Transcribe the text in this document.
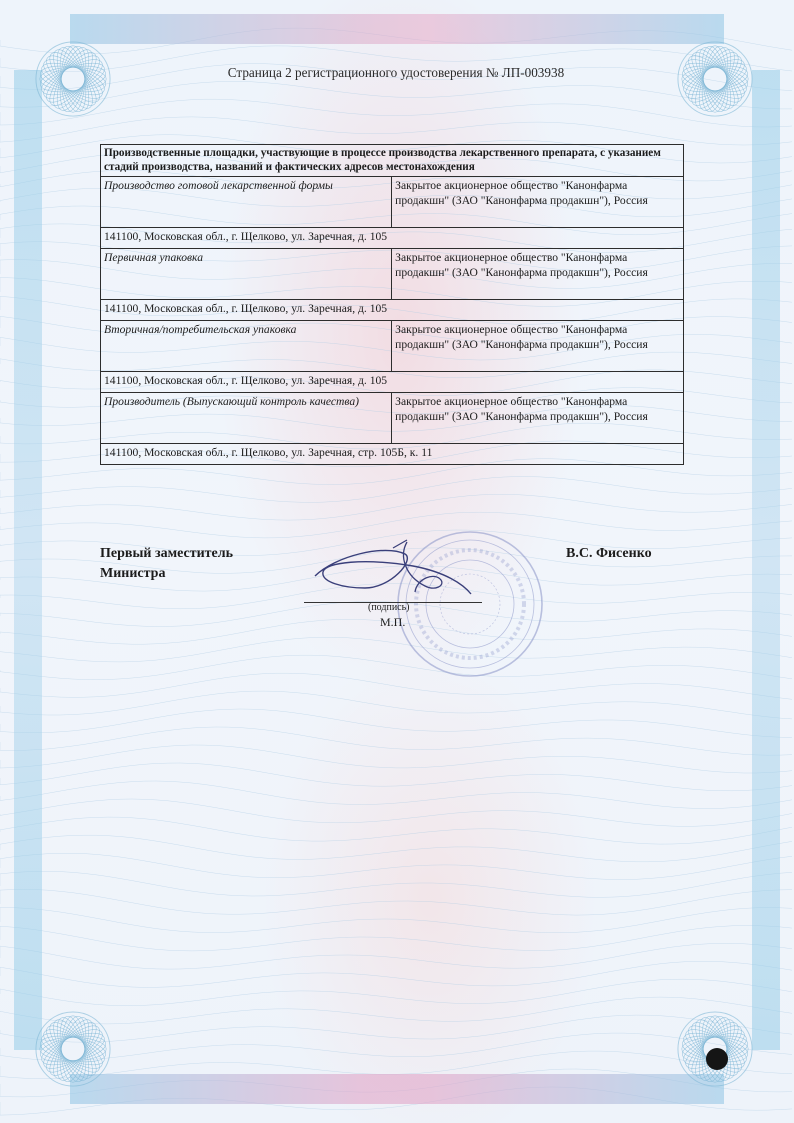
Страница 2 регистрационного удостоверения № ЛП-003938
Производственные площадки, участвующие в процессе производства лекарственного препарата, с указанием стадий производства, названий и фактических адресов местонахождения	
Производство готовой лекарственной формы	Закрытое акционерное общество "Канонфарма продакшн" (ЗАО "Канонфарма продакшн"), Россия
141100, Московская обл., г. Щелково, ул. Заречная, д. 105	
Первичная упаковка	Закрытое акционерное общество "Канонфарма продакшн" (ЗАО "Канонфарма продакшн"), Россия
141100, Московская обл., г. Щелково, ул. Заречная, д. 105	
Вторичная/потребительская упаковка	Закрытое акционерное общество "Канонфарма продакшн" (ЗАО "Канонфарма продакшн"), Россия
141100, Московская обл., г. Щелково, ул. Заречная, д. 105	
Производитель (Выпускающий контроль качества)	Закрытое акционерное общество "Канонфарма продакшн" (ЗАО "Канонфарма продакшн"), Россия
141100, Московская обл., г. Щелково, ул. Заречная, стр. 105Б, к. 11	
Первый заместитель
Министра
(подпись)
М.П.
В.С. Фисенко
